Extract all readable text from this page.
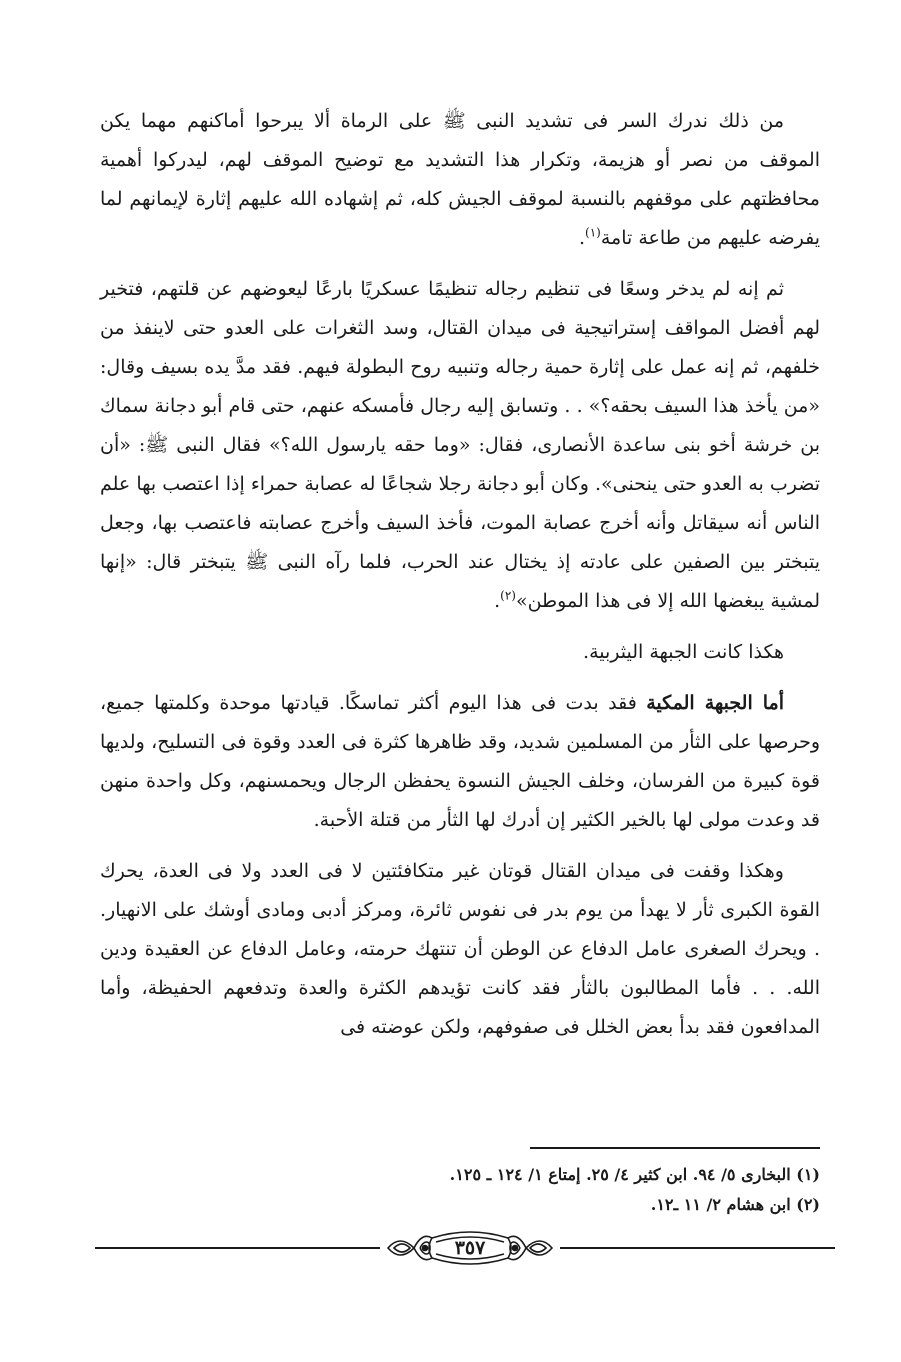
من ذلك ندرك السر فى تشديد النبى ﷺ على الرماة ألا يبرحوا أماكنهم مهما يكن الموقف من نصر أو هزيمة، وتكرار هذا التشديد مع توضيح الموقف لهم، ليدركوا أهمية محافظتهم على موقفهم بالنسبة لموقف الجيش كله، ثم إشهاده الله عليهم إثارة لإيمانهم لما يفرضه عليهم من طاعة تامة$^{(١)}$.

ثم إنه لم يدخر وسعًا فى تنظيم رجاله تنظيمًا عسكريًا بارعًا ليعوضهم عن قلتهم، فتخير لهم أفضل المواقف إستراتيجية فى ميدان القتال، وسد الثغرات على العدو حتى لاينفذ من خلفهم، ثم إنه عمل على إثارة حمية رجاله وتنبيه روح البطولة فيهم. فقد مدَّ يده بسيف وقال: «من يأخذ هذا السيف بحقه؟» . . وتسابق إليه رجال فأمسكه عنهم، حتى قام أبو دجانة سماك بن خرشة أخو بنى ساعدة الأنصارى، فقال: «وما حقه يارسول الله؟» فقال النبى ﷺ: «أن تضرب به العدو حتى ينحنى». وكان أبو دجانة رجلا شجاعًا له عصابة حمراء إذا اعتصب بها علم الناس أنه سيقاتل وأنه أخرج عصابة الموت، فأخذ السيف وأخرج عصابته فاعتصب بها، وجعل يتبختر بين الصفين على عادته إذ يختال عند الحرب، فلما رآه النبى ﷺ يتبختر قال: «إنها لمشية يبغضها الله إلا فى هذا الموطن»$^{(٢)}$.

هكذا كانت الجبهة اليثربية.

أما الجبهة المكية فقد بدت فى هذا اليوم أكثر تماسكًا. قيادتها موحدة وكلمتها جميع، وحرصها على الثأر من المسلمين شديد، وقد ظاهرها كثرة فى العدد وقوة فى التسليح، ولديها قوة كبيرة من الفرسان، وخلف الجيش النسوة يحفظن الرجال ويحمسنهم، وكل واحدة منهن قد وعدت مولى لها بالخير الكثير إن أدرك لها الثأر من قتلة الأحبة.

وهكذا وقفت فى ميدان القتال قوتان غير متكافئتين لا فى العدد ولا فى العدة، يحرك القوة الكبرى ثأر لا يهدأ من يوم بدر فى نفوس ثائرة، ومركز أدبى ومادى أوشك على الانهيار. . ويحرك الصغرى عامل الدفاع عن الوطن أن تنتهك حرمته، وعامل الدفاع عن العقيدة ودين الله. . . فأما المطالبون بالثأر فقد كانت تؤيدهم الكثرة والعدة وتدفعهم الحفيظة، وأما المدافعون فقد بدأ بعض الخلل فى صفوفهم، ولكن عوضته فى

(١) البخارى ٥/ ٩٤. ابن كثير ٤/ ٢٥. إمتاع ١/ ١٢٤ ـ ١٢٥.

(٢) ابن هشام ٢/ ١١ ـ١٢.

٣٥٧
